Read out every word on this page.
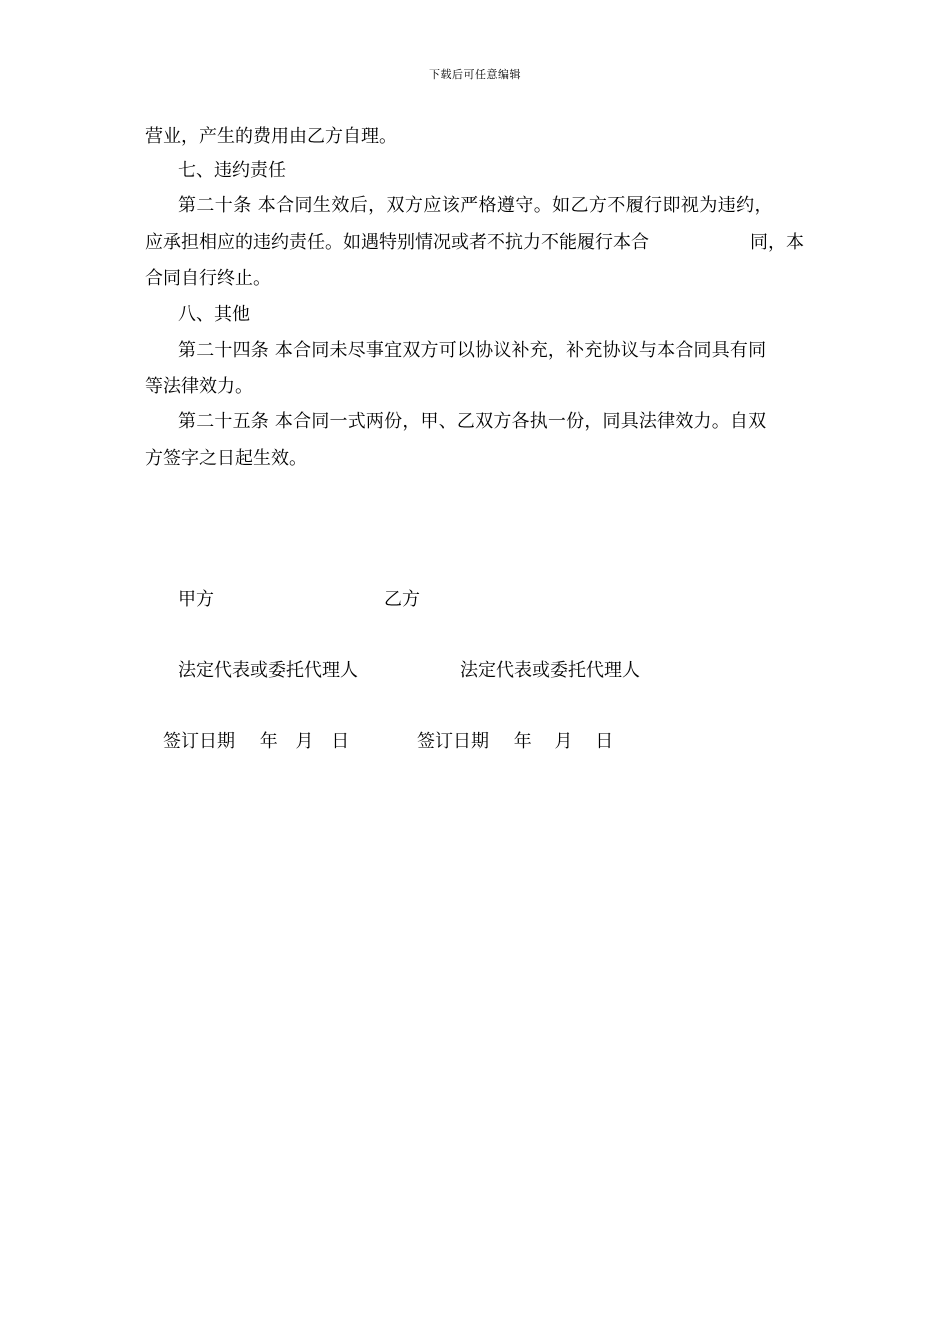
下载后可任意编辑
营业，产生的费用由乙方自理。
七、违约责任
第二十条 本合同生效后，双方应该严格遵守。如乙方不履行即视为违约，
应承担相应的违约责任。如遇特别情况或者不抗力不能履行本合	同，本
合同自行终止。
八、其他
第二十四条 本合同未尽事宜双方可以协议补充，补充协议与本合同具有同
等法律效力。
第二十五条 本合同一式两份，甲、乙双方各执一份，同具法律效力。自双
方签字之日起生效。
甲方	乙方
法定代表或委托代理人	法定代表或委托代理人
签订日期 年 月 日	签订日期 年 月 日
